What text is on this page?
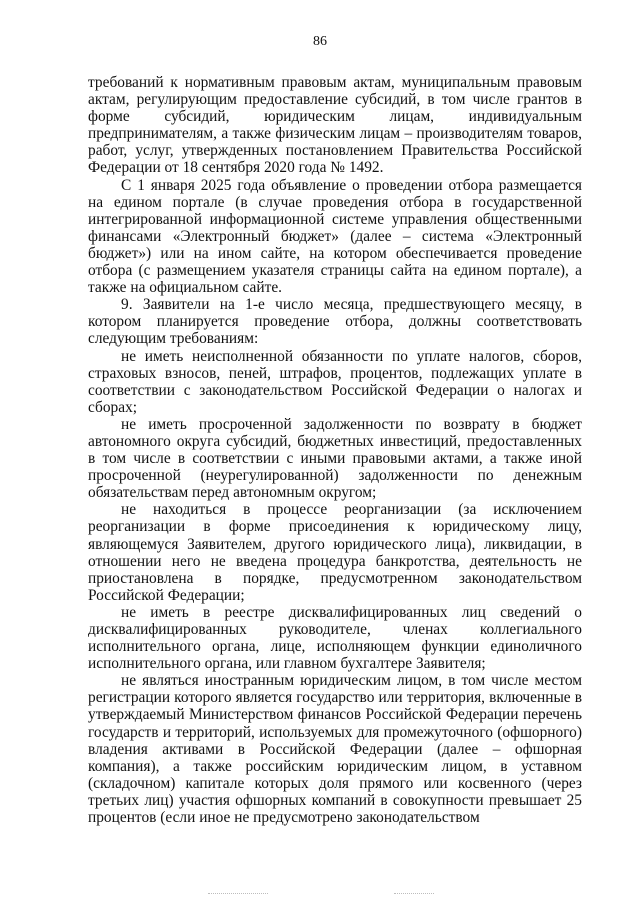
86

требований к нормативным правовым актам, муниципальным правовым актам, регулирующим предоставление субсидий, в том числе грантов в форме субсидий, юридическим лицам, индивидуальным предпринимателям, а также физическим лицам – производителям товаров, работ, услуг, утвержденных постановлением Правительства Российской Федерации от 18 сентября 2020 года № 1492.

С 1 января 2025 года объявление о проведении отбора размещается на едином портале (в случае проведения отбора в государственной интегрированной информационной системе управления общественными финансами «Электронный бюджет» (далее – система «Электронный бюджет») или на ином сайте, на котором обеспечивается проведение отбора (с размещением указателя страницы сайта на едином портале), а также на официальном сайте.

9. Заявители на 1-е число месяца, предшествующего месяцу, в котором планируется проведение отбора, должны соответствовать следующим требованиям:

не иметь неисполненной обязанности по уплате налогов, сборов, страховых взносов, пеней, штрафов, процентов, подлежащих уплате в соответствии с законодательством Российской Федерации о налогах и сборах;

не иметь просроченной задолженности по возврату в бюджет автономного округа субсидий, бюджетных инвестиций, предоставленных в том числе в соответствии с иными правовыми актами, а также иной просроченной (неурегулированной) задолженности по денежным обязательствам перед автономным округом;

не находиться в процессе реорганизации (за исключением реорганизации в форме присоединения к юридическому лицу, являющемуся Заявителем, другого юридического лица), ликвидации, в отношении него не введена процедура банкротства, деятельность не приостановлена в порядке, предусмотренном законодательством Российской Федерации;

не иметь в реестре дисквалифицированных лиц сведений о дисквалифицированных руководителе, членах коллегиального исполнительного органа, лице, исполняющем функции единоличного исполнительного органа, или главном бухгалтере Заявителя;

не являться иностранным юридическим лицом, в том числе местом регистрации которого является государство или территория, включенные в утверждаемый Министерством финансов Российской Федерации перечень государств и территорий, используемых для промежуточного (офшорного) владения активами в Российской Федерации (далее – офшорная компания), а также российским юридическим лицом, в уставном (складочном) капитале которых доля прямого или косвенного (через третьих лиц) участия офшорных компаний в совокупности превышает 25 процентов (если иное не предусмотрено законодательством
